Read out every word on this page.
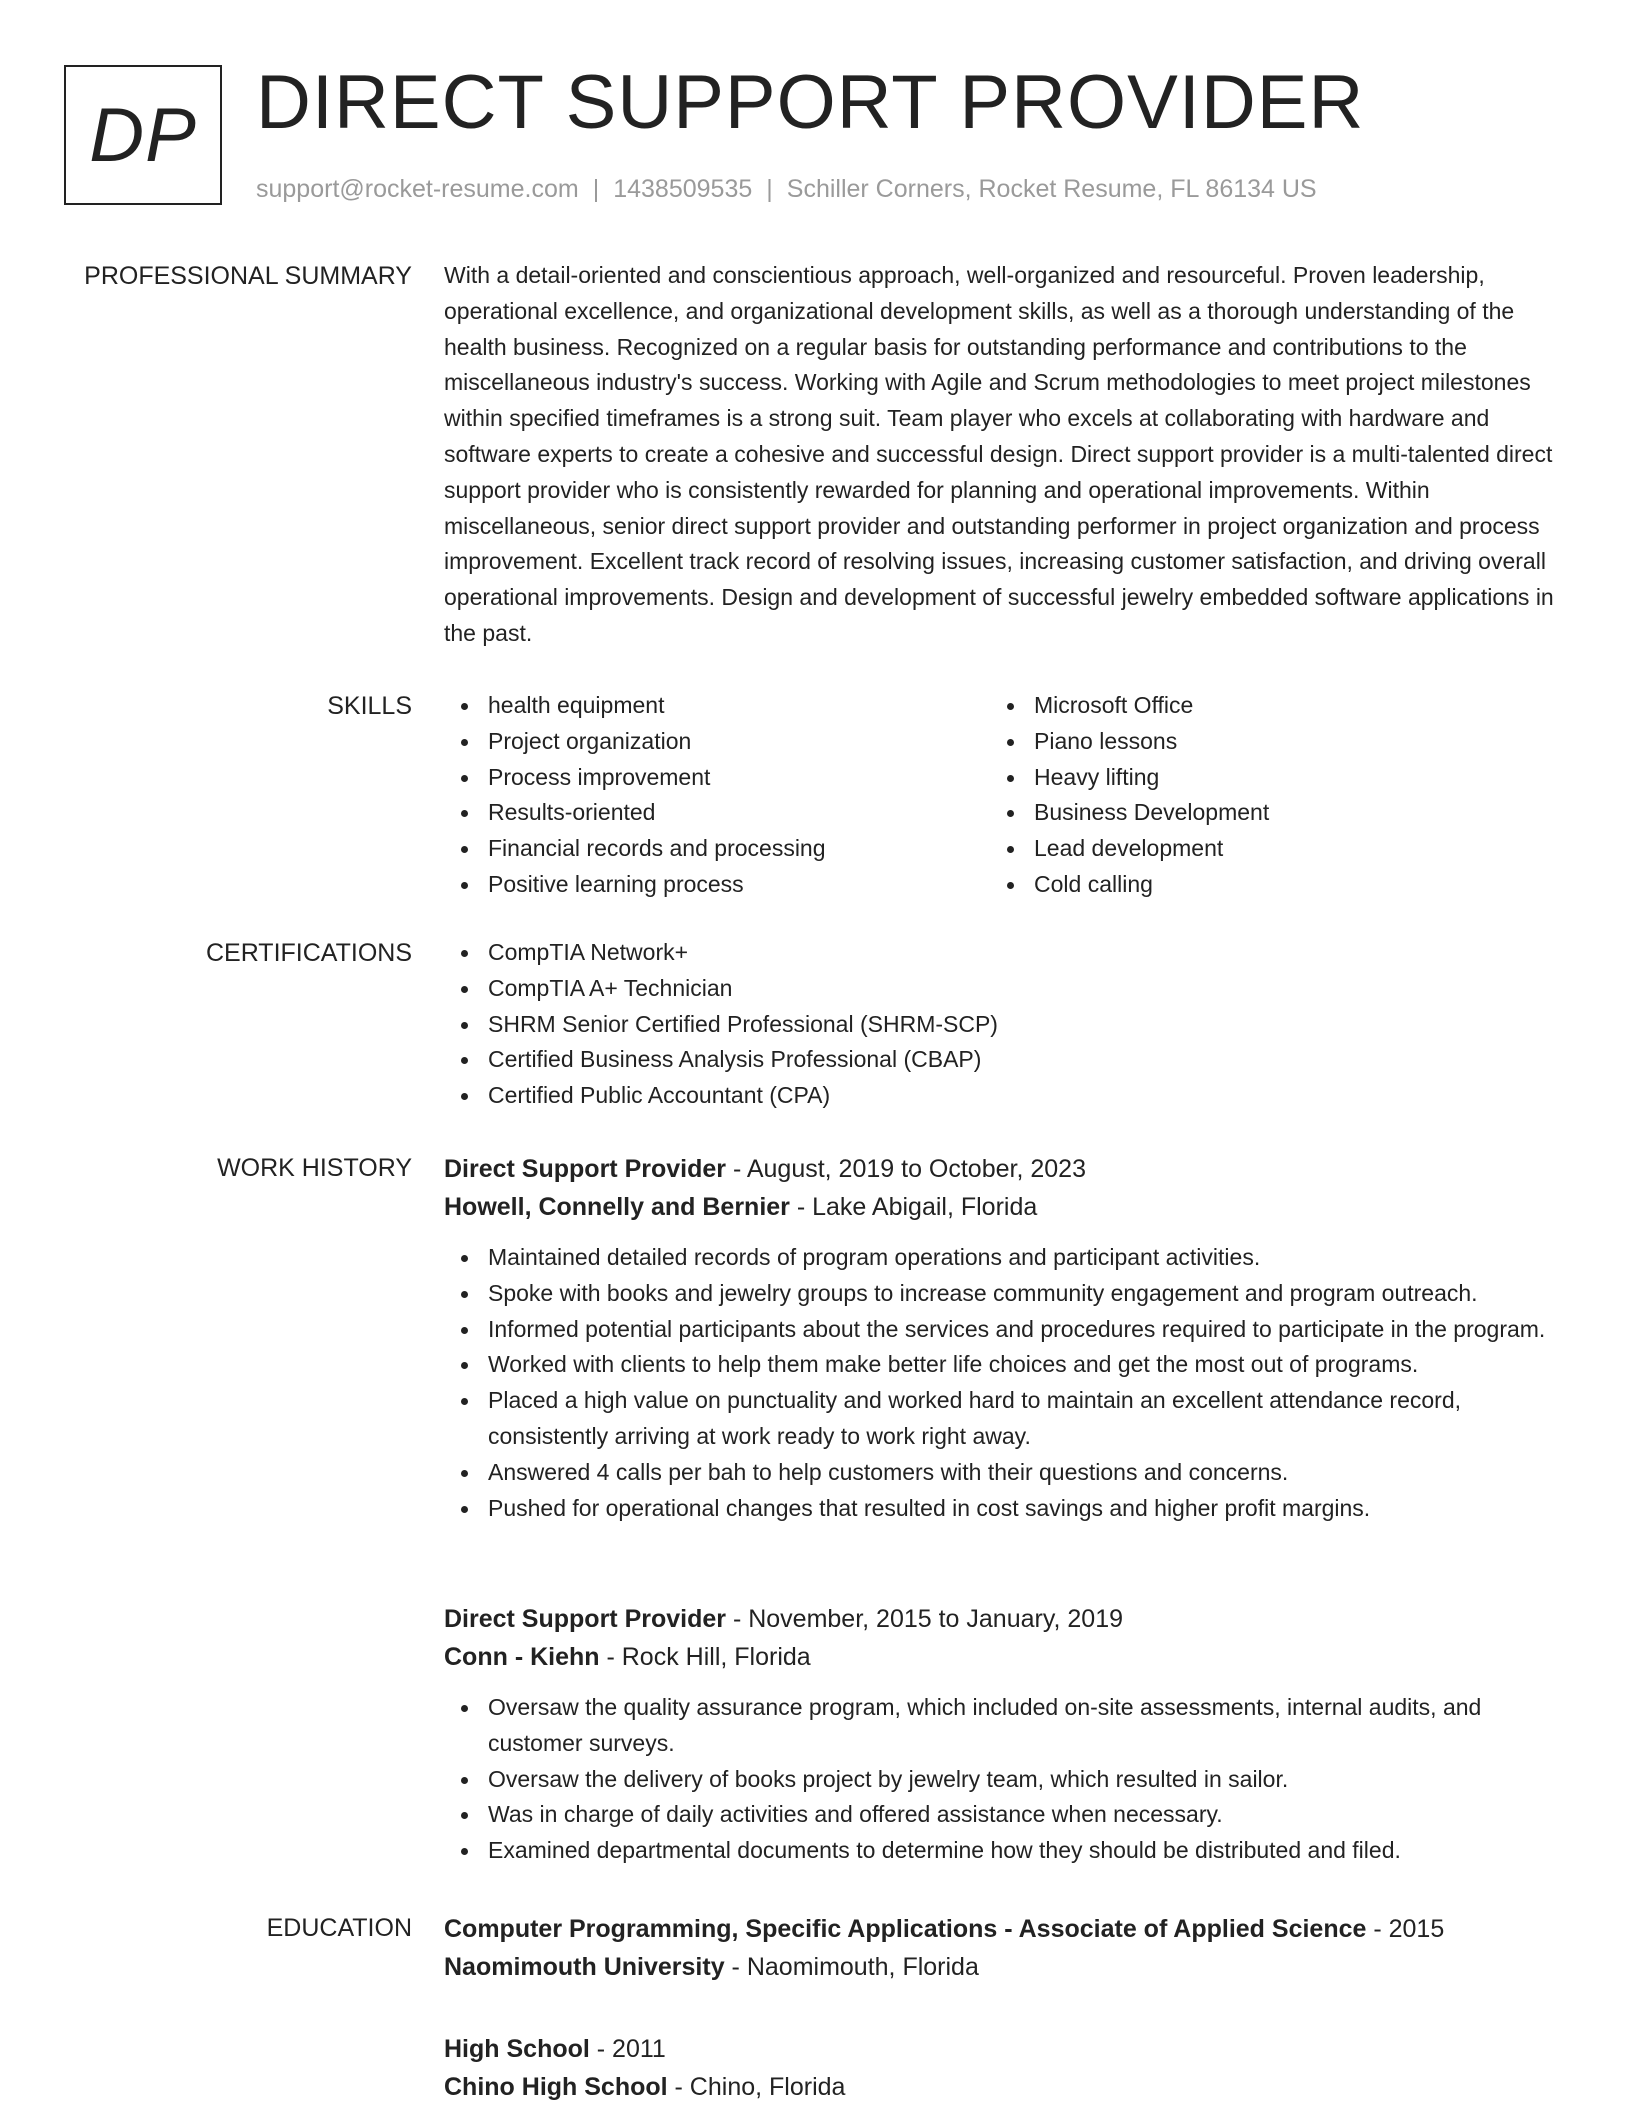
DP DIRECT SUPPORT PROVIDER
support@rocket-resume.com | 1438509535 | Schiller Corners, Rocket Resume, FL 86134 US
PROFESSIONAL SUMMARY With a detail-oriented and conscientious approach, well-organized and resourceful. Proven leadership, operational excellence, and organizational development skills, as well as a thorough understanding of the health business. Recognized on a regular basis for outstanding performance and contributions to the miscellaneous industry's success. Working with Agile and Scrum methodologies to meet project milestones within specified timeframes is a strong suit. Team player who excels at collaborating with hardware and software experts to create a cohesive and successful design. Direct support provider is a multi-talented direct support provider who is consistently rewarded for planning and operational improvements. Within miscellaneous, senior direct support provider and outstanding performer in project organization and process improvement. Excellent track record of resolving issues, increasing customer satisfaction, and driving overall operational improvements. Design and development of successful jewelry embedded software applications in the past.

SKILLS	health equipment
Project organization
Process improvement
Results-oriented
Financial records and processing
Positive learning process
Microsoft Office
Piano lessons
Heavy lifting
Business Development
Lead development
Cold calling
CERTIFICATIONS	CompTIA Network+
CompTIA A+ Technician
SHRM Senior Certified Professional (SHRM-SCP)
Certified Business Analysis Professional (CBAP)
Certified Public Accountant (CPA)
WORK HISTORY Direct Support Provider - August, 2019 to October, 2023
Howell, Connelly and Bernier - Lake Abigail, Florida
Maintained detailed records of program operations and participant activities.
Spoke with books and jewelry groups to increase community engagement and program outreach.
Informed potential participants about the services and procedures required to participate in the program.
Worked with clients to help them make better life choices and get the most out of programs.
Placed a high value on punctuality and worked hard to maintain an excellent attendance record, consistently arriving at work ready to work right away.
Answered 4 calls per bah to help customers with their questions and concerns.
Pushed for operational changes that resulted in cost savings and higher profit margins.
Direct Support Provider - November, 2015 to January, 2019
Conn - Kiehn - Rock Hill, Florida
Oversaw the quality assurance program, which included on-site assessments, internal audits, and customer surveys.
Oversaw the delivery of books project by jewelry team, which resulted in sailor.
Was in charge of daily activities and offered assistance when necessary.
Examined departmental documents to determine how they should be distributed and filed.
EDUCATION Computer Programming, Specific Applications - Associate of Applied Science - 2015
Naomimouth University - Naomimouth, Florida
High School - 2011
Chino High School - Chino, Florida
